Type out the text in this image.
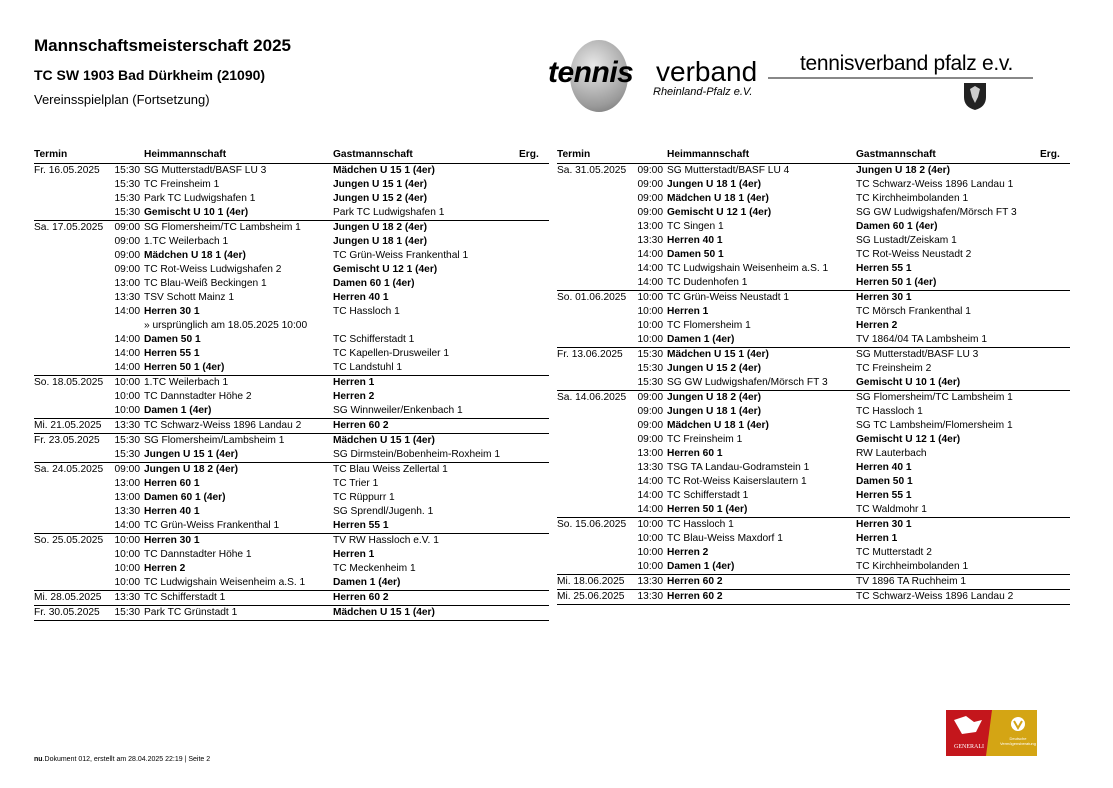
Mannschaftsmeisterschaft 2025
TC SW 1903 Bad Dürkheim (21090)
Vereinsspielplan (Fortsetzung)
tennis verband
Rheinland-Pfalz e.V.
tennisverband pfalz e.v.
Termin		Heimmannschaft	Gastmannschaft	Erg.
Fr. 16.05.2025 15:30		SG Mutterstadt/BASF LU 3	Mädchen U 15 1 (4er)	

15:30		TC Freinsheim 1	Jungen U 15 1 (4er)	

15:30		Park TC Ludwigshafen 1	Jungen U 15 2 (4er)	

15:30		Gemischt U 10 1 (4er)	Park TC Ludwigshafen 1	
Sa. 17.05.2025 09:00		SG Flomersheim/TC Lambsheim 1	Jungen U 18 2 (4er)	

09:00		1.TC Weilerbach 1	Jungen U 18 1 (4er)	

09:00		Mädchen U 18 1 (4er)	TC Grün-Weiss Frankenthal 1	

09:00		TC Rot-Weiss Ludwigshafen 2	Gemischt U 12 1 (4er)	

13:00		TC Blau-Weiß Beckingen 1	Damen 60 1 (4er)	

13:30		TSV Schott Mainz 1	Herren 40 1	

14:00		Herren 30 1	TC Hassloch 1	

		» ursprünglich am 18.05.2025 10:00		

14:00		Damen 50 1	TC Schifferstadt 1	

14:00		Herren 55 1	TC Kapellen-Drusweiler 1	

14:00		Herren 50 1 (4er)	TC Landstuhl 1	
So. 18.05.2025 10:00		1.TC Weilerbach 1	Herren 1	

10:00		TC Dannstadter Höhe 2	Herren 2	

10:00		Damen 1 (4er)	SG Winnweiler/Enkenbach 1	
Mi. 21.05.2025 13:30		TC Schwarz-Weiss 1896 Landau 2	Herren 60 2	
Fr. 23.05.2025 15:30		SG Flomersheim/Lambsheim 1	Mädchen U 15 1 (4er)	

15:30		Jungen U 15 1 (4er)	SG Dirmstein/Bobenheim-Roxheim 1	
Sa. 24.05.2025 09:00		Jungen U 18 2 (4er)	TC Blau Weiss Zellertal 1	

13:00		Herren 60 1	TC Trier 1	

13:00		Damen 60 1 (4er)	TC Rüppurr 1	

13:30		Herren 40 1	SG Sprendl/Jugenh. 1	

14:00		TC Grün-Weiss Frankenthal 1	Herren 55 1	
So. 25.05.2025 10:00		Herren 30 1	TV RW Hassloch e.V. 1	

10:00		TC Dannstadter Höhe 1	Herren 1	

10:00		Herren 2	TC Meckenheim 1	

10:00		TC Ludwigshain Weisenheim a.S. 1	Damen 1 (4er)	
Mi. 28.05.2025 13:30		TC Schifferstadt 1	Herren 60 2	
Fr. 30.05.2025 15:30		Park TC Grünstadt 1	Mädchen U 15 1 (4er)	
Termin		Heimmannschaft	Gastmannschaft	Erg.
Sa. 31.05.2025 09:00		SG Mutterstadt/BASF LU 4	Jungen U 18 2 (4er)	

09:00		Jungen U 18 1 (4er)	TC Schwarz-Weiss 1896 Landau 1	

09:00		Mädchen U 18 1 (4er)	TC Kirchheimbolanden 1	

09:00		Gemischt U 12 1 (4er)	SG GW Ludwigshafen/Mörsch FT 3	

13:00		TC Singen 1	Damen 60 1 (4er)	

13:30		Herren 40 1	SG Lustadt/Zeiskam 1	

14:00		Damen 50 1	TC Rot-Weiss Neustadt 2	

14:00		TC Ludwigshain Weisenheim a.S. 1	Herren 55 1	

14:00		TC Dudenhofen 1	Herren 50 1 (4er)	
So. 01.06.2025 10:00		TC Grün-Weiss Neustadt 1	Herren 30 1	

10:00		Herren 1	TC Mörsch Frankenthal 1	

10:00		TC Flomersheim 1	Herren 2	

10:00		Damen 1 (4er)	TV 1864/04 TA Lambsheim 1	
Fr. 13.06.2025 15:30		Mädchen U 15 1 (4er)	SG Mutterstadt/BASF LU 3	

15:30		Jungen U 15 2 (4er)	TC Freinsheim 2	

15:30		SG GW Ludwigshafen/Mörsch FT 3	Gemischt U 10 1 (4er)	
Sa. 14.06.2025 09:00		Jungen U 18 2 (4er)	SG Flomersheim/TC Lambsheim 1	

09:00		Jungen U 18 1 (4er)	TC Hassloch 1	

09:00		Mädchen U 18 1 (4er)	SG TC Lambsheim/Flomersheim 1	

09:00		TC Freinsheim 1	Gemischt U 12 1 (4er)	

13:00		Herren 60 1	RW Lauterbach	

13:30		TSG TA Landau-Godramstein 1	Herren 40 1	

14:00		TC Rot-Weiss Kaiserslautern 1	Damen 50 1	

14:00		TC Schifferstadt 1	Herren 55 1	

14:00		Herren 50 1 (4er)	TC Waldmohr 1	
So. 15.06.2025 10:00		TC Hassloch 1	Herren 30 1	

10:00		TC Blau-Weiss Maxdorf 1	Herren 1	

10:00		Herren 2	TC Mutterstadt 2	

10:00		Damen 1 (4er)	TC Kirchheimbolanden 1	
Mi. 18.06.2025 13:30		Herren 60 2	TV 1896 TA Ruchheim 1	
Mi. 25.06.2025 13:30		Herren 60 2	TC Schwarz-Weiss 1896 Landau 2	
nu.Dokument 012, erstellt am 28.04.2025 22:19 | Seite 2
GENERALI
Deutsche
Vermögensberatung
